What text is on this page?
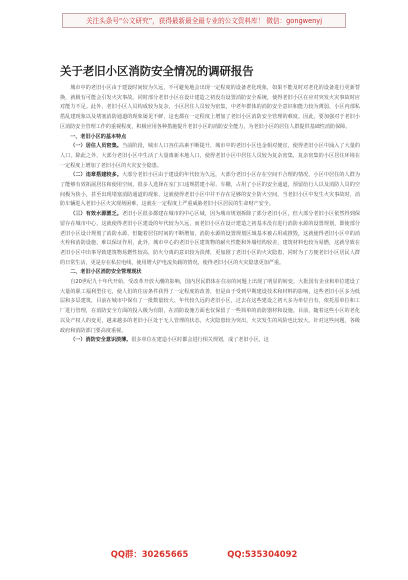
关注头条号“公文研究”，获得最新最全最专业的公文资料库！ 微信：gongwenyj
关于老旧小区消防安全情况的调研报告

城市中的老旧小区由于建设时间较为久远，不可避免地会出现一定程度的设备老化现象，如果不能及时对老化的设备进行更新替换，就极有可能会引发火灾事故。同时部分老旧小区在设计建造之初没有设置消防安全系统，使得老旧小区在应对突发火灾事故时应对能力不足。此外，老旧小区人员构成较为复杂，小区居住人员较为密集，中老年群体的消防安全意识和能力较为薄弱，小区内部私搭乱建现象以及堵塞消防通道的现象屡见不鲜，这也都在一定程度上增加了老旧小区消防安全管理的难度。因此，要加强对于老旧小区消防安全管理工作的重视程度，积极应用各种措施提升老旧小区的消防安全能力，为老旧小区的居住人群提供基础性消防保障。

一、老旧小区的基本特点

（一）居住人员密集。当前阶段，城市人口容住高素不断提升，城市中的老旧小区也金相对便宜，使得老旧小区中涌入了大量的人口，除此之外，大部分老旧小区中生活了大量离新本地人口，使得老旧小区中居住人员较为复杂密集，复杂密集的小区居住环境在一定程度上增加了老旧小区的火灾安全隐患。

（二）违章搭建较多。大部分老旧小区由于建设的年代较为久远，大部分老旧小区存在空间不合理的情况，小区中居住的人群为了能够有效拓展居住和使用空间，很多人选择在室门口违规搭建小屋、车棚，占用了小区的安全通道，预留给行人以及消防人员的空间极为狭小，甚至出现堵塞消防通道的现象，这就使得老旧小区中并不存在足够的安全防火空间，当老旧小区中发生火灾事故时，消防车辆进入老旧小区火灾现场困难，这就在一定程度上严重威胁老旧小区居民的生命财产安全。

（三）有效水源匮乏。老旧小区很多都建在城市的中心区域，因为城市规划拆除了部分老旧小区，但大部分老旧小区依然得到保留存在城市中心，这就使得老旧小区建设的年代较为久远，而老旧小区在设计建造之初基本没有进行消防水源的设置规划，即使部分老旧小区设计规划了消防水源，但随着居住时间的不断增加，消防水源的设置规划区域基本被占用或推毁，这就使得老旧小区中的消火栓和消防设施，难以保证作用，此外，城市中心的老旧小区建筑物的耐火性能和外墙结构较差，建筑材料也较为易燃，这就导致在老旧小区中出事导致建筑物易燃性较高，防火分离的意识较为淡薄，更加剧了老旧小区的火灾隐患，同时为了方便老旧小区居民人群的日常生活，更是存在私拉电线，使用增大护电流负载的情况，使得老旧小区的火灾隐患更加严重。

二、老旧小区消防安全管理现状

自20世纪九十年代开始，受改革开放大潮的影响，国内居民群体在住房的问题上出现了明显的转变，大批国有企业和单位建设了大量的职工福利型住宅，使人们的住房条件获得了一定程度的改善，但是由于受到早期建设技术和材料的影响，这些老旧小区多为低层和多层建筑，目前在城市中保有了一批数量较大、年代较久远的老旧小区，过去在这些建设之初大多为单位自有，依托原单位和工厂进行管理，在消防安全方面的投入极为有限，在消防设施方面也仅保留了一些简单的消防器材和设施。目前，随着这些小区的老化以及产权人的变更，越来越多的老旧小区处于无人管理的状态，火灾隐患较为突出，火灾发生的风险也比较大。针对这些问题，各级政府和消防部门要高度重视。

（一）消防安全意识淡薄。很多单位在建造小区时都会进行相关规划，成了老旧小区，这

QQ群：30265665	QQ:535304092
